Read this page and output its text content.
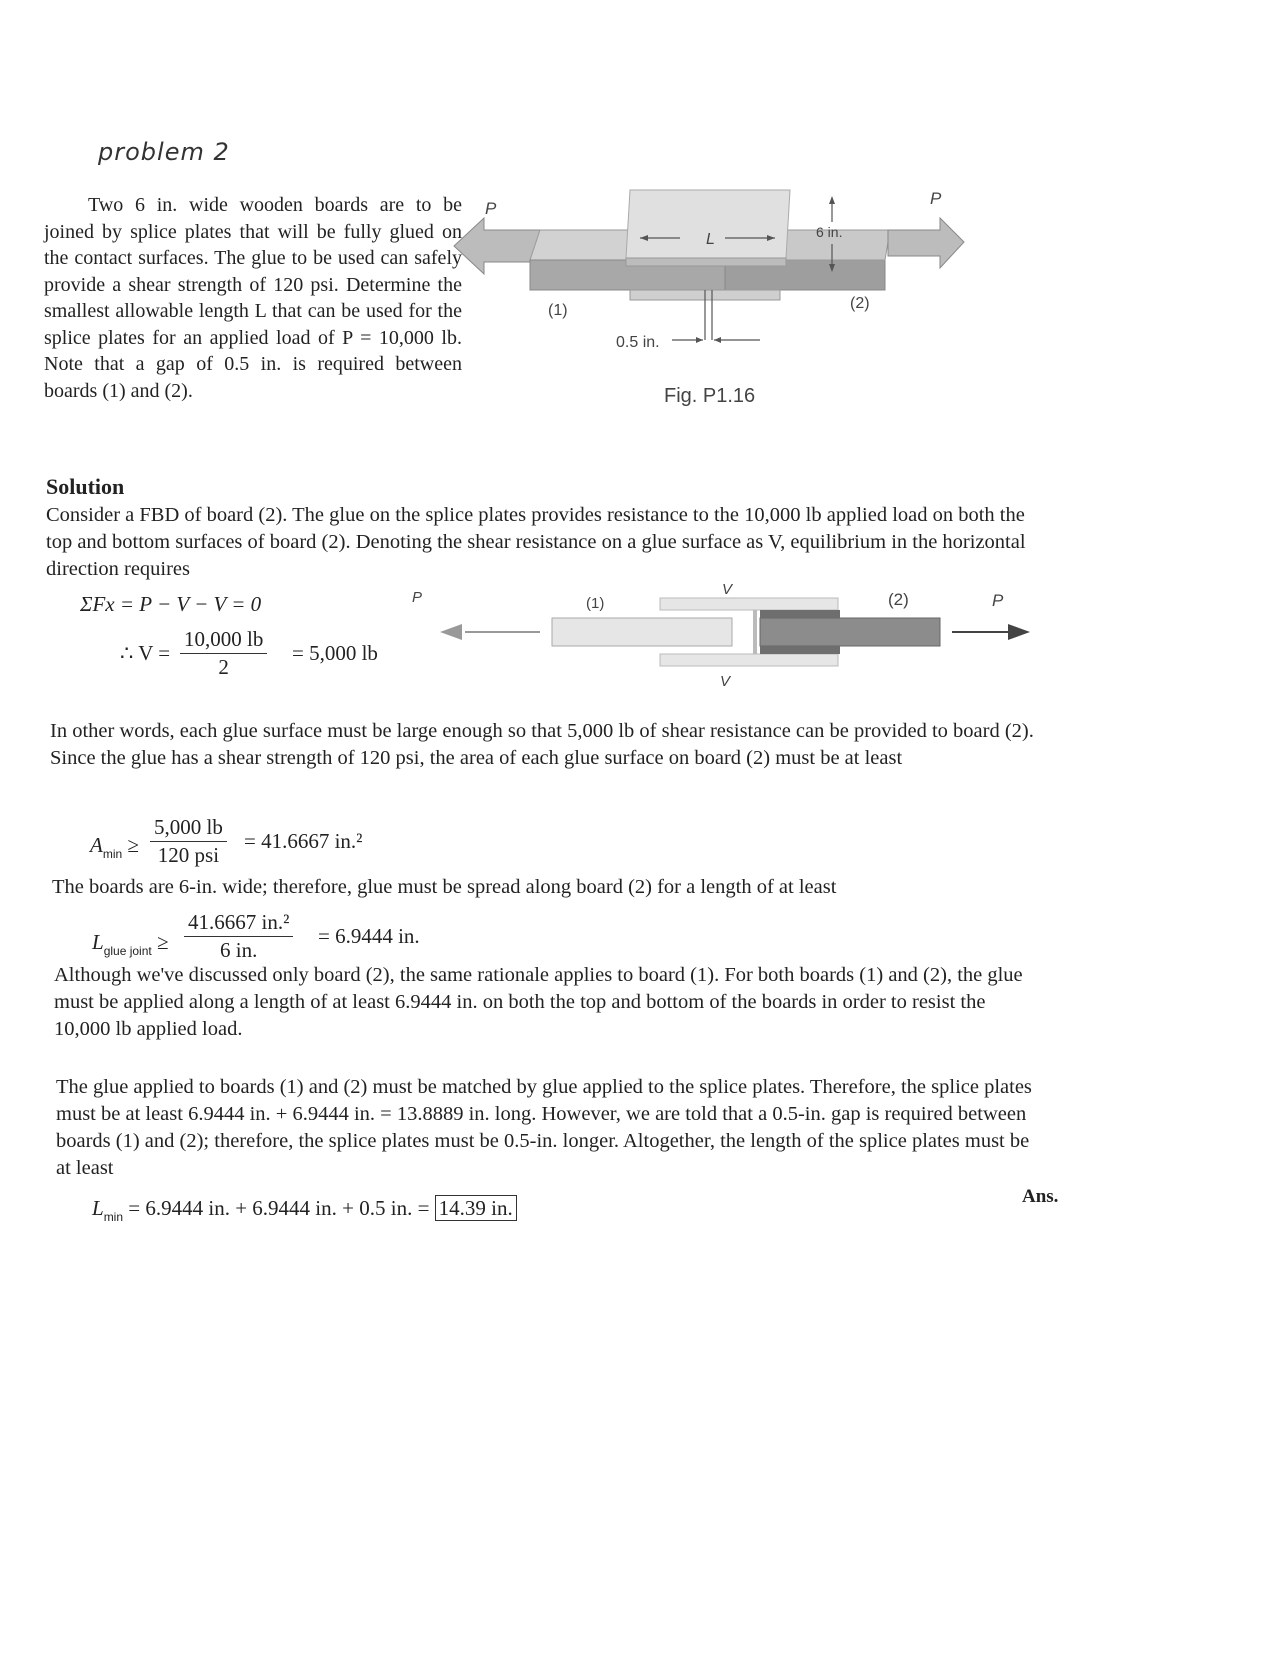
problem 2
Two 6 in. wide wooden boards are to be joined by splice plates that will be fully glued on the contact surfaces. The glue to be used can safely provide a shear strength of 120 psi. Determine the smallest allowable length L that can be used for the splice plates for an applied load of P = 10,000 lb. Note that a gap of 0.5 in. is required between boards (1) and (2).
P
P
L	6 in.
(1)	(2)
0.5 in.
Fig. P1.16
Solution
Consider a FBD of board (2). The glue on the splice plates provides resistance to the 10,000 lb applied load on both the top and bottom surfaces of board (2). Denoting the shear resistance on a glue surface as V, equilibrium in the horizontal direction requires
ΣFx = P − V − V = 0
∴ $V = \frac{10,000 lb}{2} = 5,000$ lb
P	P
V
V
(1)	(2)
In other words, each glue surface must be large enough so that 5,000 lb of shear resistance can be provided to board (2). Since the glue has a shear strength of 120 psi, the area of each glue surface on board (2) must be at least
$A_{min}$ ≥
5,000 lb
120 psi
= 41.6667 in.²
The boards are 6-in. wide; therefore, glue must be spread along board (2) for a length of at least
$L_{glue joint} \ge \frac{\text{41.6667 in.²}}{6 in.} = 6.9444$ in.
Although we've discussed only board (2), the same rationale applies to board (1). For both boards (1) and (2), the glue must be applied along a length of at least 6.9444 in. on both the top and bottom of the boards in order to resist the 10,000 lb applied load.
The glue applied to boards (1) and (2) must be matched by glue applied to the splice plates. Therefore, the splice plates must be at least 6.9444 in. + 6.9444 in. = 13.8889 in. long. However, we are told that a 0.5-in. gap is required between boards (1) and (2); therefore, the splice plates must be 0.5-in. longer. Altogether, the length of the splice plates must be at least
$L_{min} = 6.9444$ in. + 6.9444 in. + 0.5 in. = 14.39 in.	Ans.
